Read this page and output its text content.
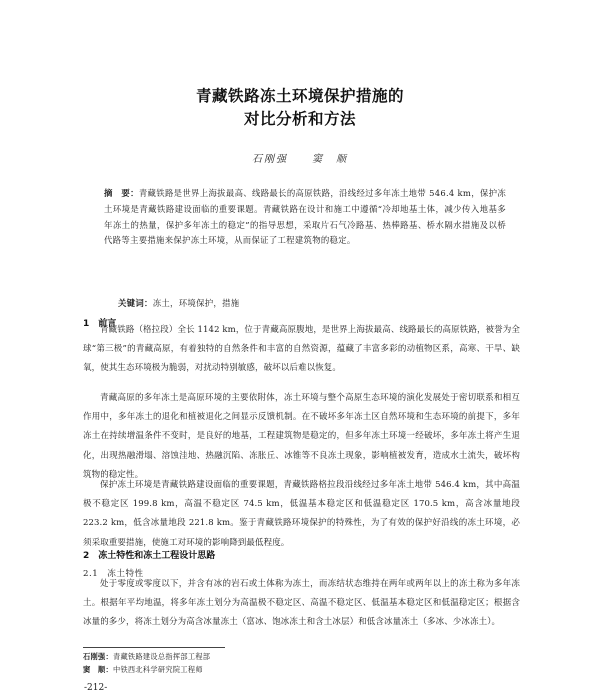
青藏铁路冻土环境保护措施的
对比分析和方法
石刚强　　窦　顺
摘　要：青藏铁路是世界上海拔最高、线路最长的高原铁路，沿线经过多年冻土地带 546.4 km，保护冻土环境是青藏铁路建设面临的重要课题。青藏铁路在设计和施工中遵循“冷却地基土体，减少传入地基多年冻土的热量，保护多年冻土的稳定”的指导思想，采取片石气冷路基、热棒路基、桥水隔水措施及以桥代路等主要措施来保护冻土环境，从而保证了工程建筑物的稳定。
关键词：冻土，环境保护，措施
1　前言
青藏铁路（格拉段）全长 1142 km，位于青藏高原腹地，是世界上海拔最高、线路最长的高原铁路，被誉为全球“第三极”的青藏高原，有着独特的自然条件和丰富的自然资源，蕴藏了丰富多彩的动植物区系，高寒、干旱、缺氧，使其生态环境极为脆弱，对扰动特别敏感，破坏以后难以恢复。
青藏高原的多年冻土是高原环境的主要依附体，冻土环境与整个高原生态环境的演化发展处于密切联系和相互作用中，多年冻土的退化和植被退化之间显示反馈机制。在不破坏多年冻土区自然环境和生态环境的前提下，多年冻土在持续增温条件不变时，是良好的地基，工程建筑物是稳定的，但多年冻土环境一经破坏，多年冻土将产生退化，出现热融滑塌、溶蚀洼地、热融沉陷、冻胀丘、冰锥等不良冻土现象，影响植被发育，造成水土流失，破坏构筑物的稳定性。
保护冻土环境是青藏铁路建设面临的重要课题，青藏铁路格拉段沿线经过多年冻土地带 546.4 km，其中高温极不稳定区 199.8 km，高温不稳定区 74.5 km，低温基本稳定区和低温稳定区 170.5 km，高含冰量地段 223.2 km，低含冰量地段 221.8 km。鉴于青藏铁路环境保护的特殊性，为了有效的保护好沿线的冻土环境，必须采取重要措施，使施工对环境的影响降到最低程度。
2　冻土特性和冻土工程设计思路
2.1　冻土特性
处于零度或零度以下，并含有冰的岩石或土体称为冻土，而冻结状态维持在两年或两年以上的冻土称为多年冻土。根据年平均地温，将多年冻土划分为高温极不稳定区、高温不稳定区、低温基本稳定区和低温稳定区；根据含冰量的多少，将冻土划分为高含冰量冻土（富冰、饱冰冻土和含土冰层）和低含冰量冻土（多冰、少冰冻土）。
石刚强：青藏铁路建设总指挥部工程部
窦　顺：中铁西北科学研究院工程师
-212-
